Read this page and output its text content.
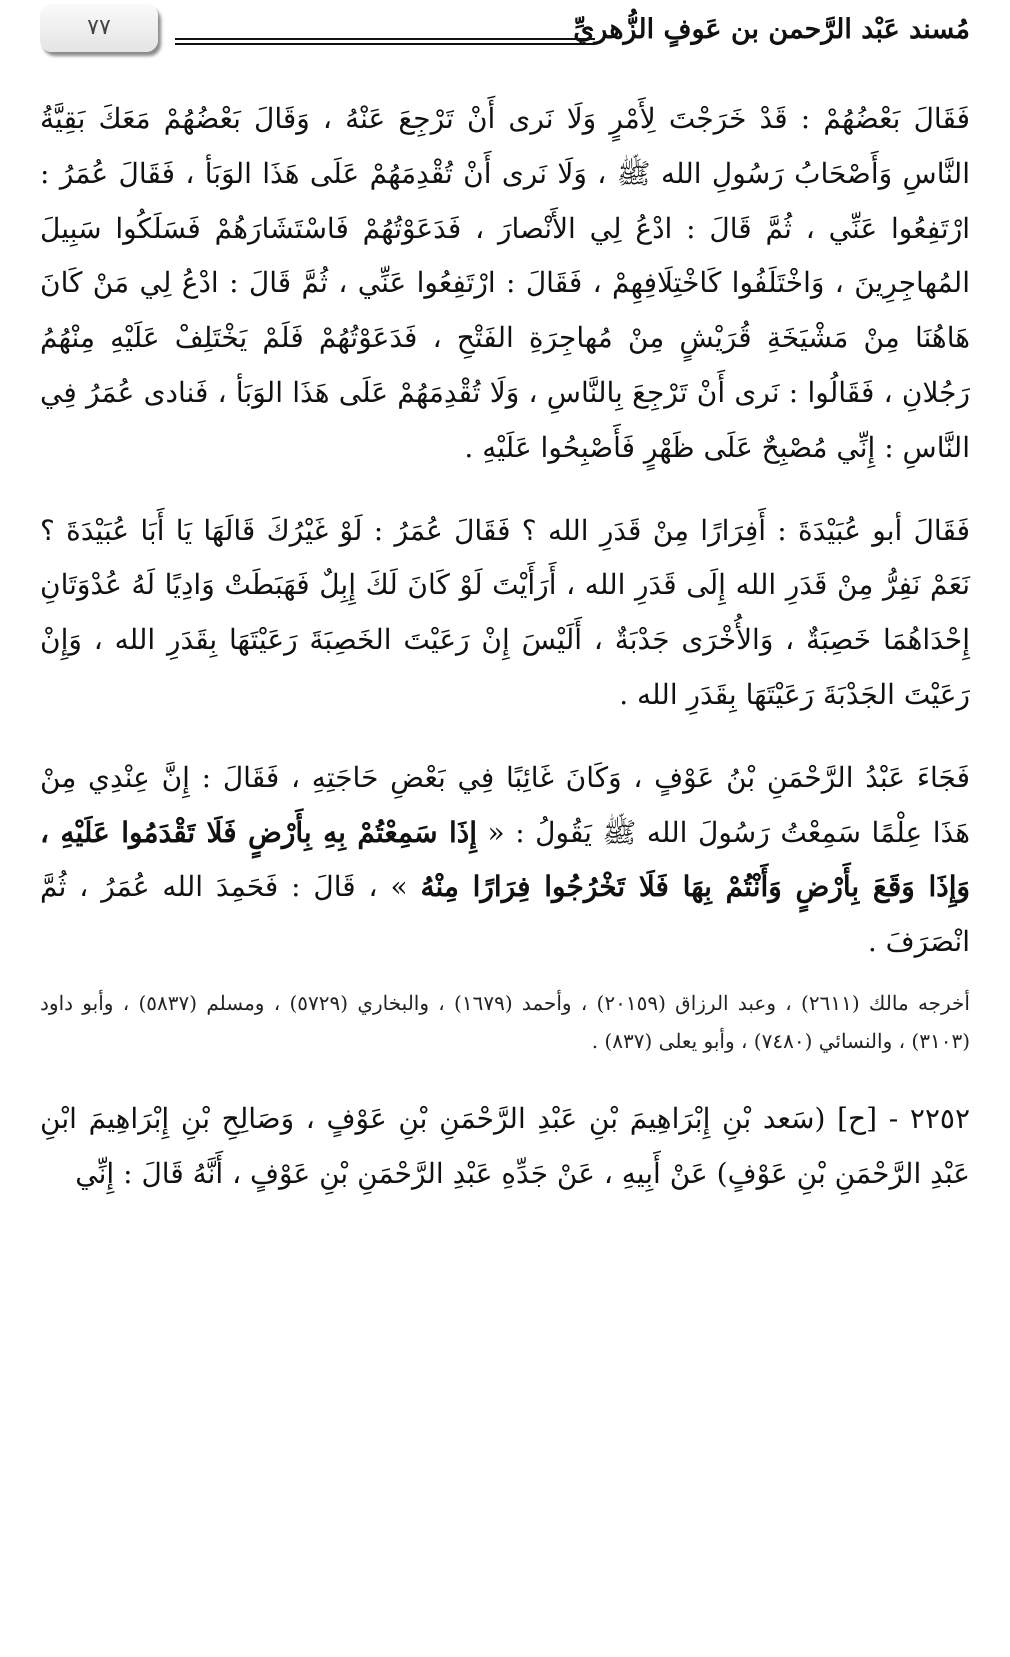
مُسند عَبْد الرَّحمن بن عَوفٍ الزُّهريِّ
٧٧

فَقَالَ بَعْضُهُمْ : قَدْ خَرَجْتَ لِأَمْرٍ وَلَا نَرى أَنْ تَرْجِعَ عَنْهُ ، وَقَالَ بَعْضُهُمْ مَعَكَ بَقِيَّةُ النَّاسِ وَأَصْحَابُ رَسُولِ الله ﷺ ، وَلَا نَرى أَنْ تُقْدِمَهُمْ عَلَى هَذَا الوَبَأ ، فَقَالَ عُمَرُ : ارْتَفِعُوا عَنِّي ، ثُمَّ قَالَ : ادْعُ لِي الأَنْصارَ ، فَدَعَوْتُهُمْ فَاسْتَشَارَهُمْ فَسَلَكُوا سَبِيلَ المُهاجِرِينَ ، وَاخْتَلَفُوا كَاخْتِلَافِهِمْ ، فَقَالَ : ارْتَفِعُوا عَنِّي ، ثُمَّ قَالَ : ادْعُ لِي مَنْ كَانَ هَاهُنَا مِنْ مَشْيَخَةِ قُرَيْشٍ مِنْ مُهاجِرَةِ الفَتْحِ ، فَدَعَوْتُهُمْ فَلَمْ يَخْتَلِفْ عَلَيْهِ مِنْهُمُ رَجُلانِ ، فَقَالُوا : نَرى أَنْ تَرْجِعَ بِالنَّاسِ ، وَلَا تُقْدِمَهُمْ عَلَى هَذَا الوَبَأ ، فَنادى عُمَرُ فِي النَّاسِ : إِنِّي مُصْبِحٌ عَلَى ظَهْرٍ فَأَصْبِحُوا عَلَيْهِ .

فَقَالَ أبو عُبَيْدَةَ : أَفِرَارًا مِنْ قَدَرِ الله ؟ فَقَالَ عُمَرُ : لَوْ غَيْرُكَ قَالَهَا يَا أَبَا عُبَيْدَةَ ؟ نَعَمْ نَفِرُّ مِنْ قَدَرِ الله إِلَى قَدَرِ الله ، أَرَأَيْتَ لَوْ كَانَ لَكَ إِبِلٌ فَهَبَطَتْ وَادِيًا لَهُ عُدْوَتَانِ إِحْدَاهُمَا خَصِبَةٌ ، وَالأُخْرَى جَدْبَةٌ ، أَلَيْسَ إِنْ رَعَيْتَ الخَصِبَةَ رَعَيْتَهَا بِقَدَرِ الله ، وَإِنْ رَعَيْتَ الجَدْبَةَ رَعَيْتَهَا بِقَدَرِ الله .

فَجَاءَ عَبْدُ الرَّحْمَنِ بْنُ عَوْفٍ ، وَكَانَ غَائِبًا فِي بَعْضِ حَاجَتِهِ ، فَقَالَ : إِنَّ عِنْدِي مِنْ هَذَا عِلْمًا سَمِعْتُ رَسُولَ الله ﷺ يَقُولُ : « إِذَا سَمِعْتُمْ بِهِ بِأَرْضٍ فَلَا تَقْدَمُوا عَلَيْهِ ، وَإِذَا وَقَعَ بِأَرْضٍ وَأَنْتُمْ بِهَا فَلَا تَخْرُجُوا فِرَارًا مِنْهُ » ، قَالَ : فَحَمِدَ الله عُمَرُ ، ثُمَّ انْصَرَفَ .

أخرجه مالك (٢٦١١) ، وعبد الرزاق (٢٠١٥٩) ، وأحمد (١٦٧٩) ، والبخاري (٥٧٢٩) ، ومسلم (٥٨٣٧) ، وأبو داود (٣١٠٣) ، والنسائي (٧٤٨٠) ، وأبو يعلى (٨٣٧) .

٢٢٥٢ - [ح] (سَعد بْنِ إِبْرَاهِيمَ بْنِ عَبْدِ الرَّحْمَنِ بْنِ عَوْفٍ ، وَصَالِحِ بْنِ إِبْرَاهِيمَ ابْنِ عَبْدِ الرَّحْمَنِ بْنِ عَوْفٍ) عَنْ أَبِيهِ ، عَنْ جَدِّهِ عَبْدِ الرَّحْمَنِ بْنِ عَوْفٍ ، أَنَّهُ قَالَ : إِنِّي
